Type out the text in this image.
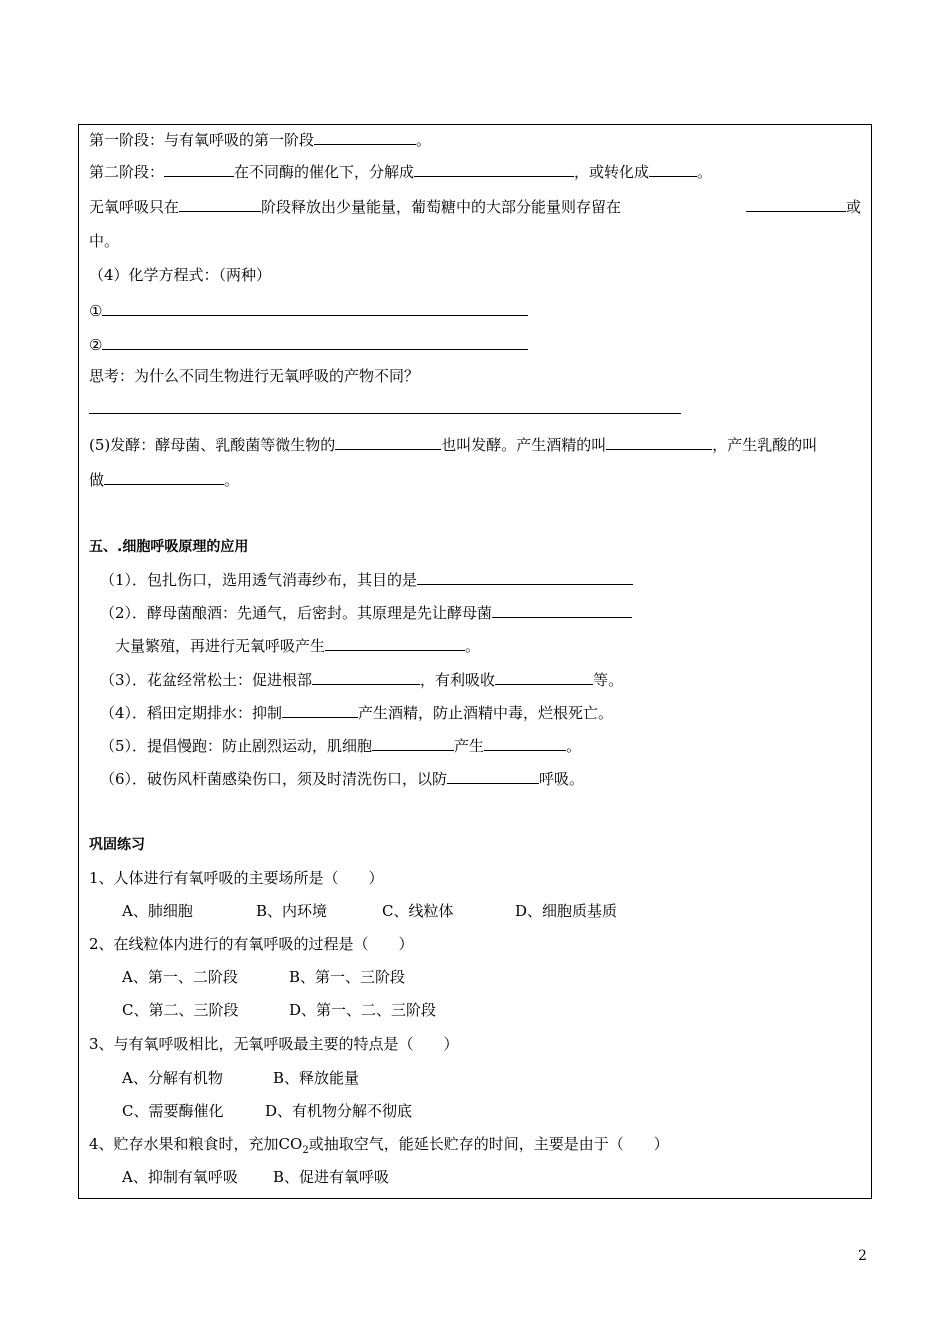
第一阶段：与有氧呼吸的第一阶段	。
第二阶段：	在不同酶的催化下，分解成	，或转化成	。
无氧呼吸只在	阶段释放出少量能量，葡萄糖中的大部分能量则存留在	或
中。
（4）化学方程式：（两种）
①
②
思考：为什么不同生物进行无氧呼吸的产物不同？
(5)发酵：酵母菌、乳酸菌等微生物的	也叫发酵。产生酒精的叫	，产生乳酸的叫
做	。
五、.细胞呼吸原理的应用
（1）．包扎伤口，选用透气消毒纱布，其目的是
（2）．酵母菌酿酒：先通气，后密封。其原理是先让酵母菌
大量繁殖，再进行无氧呼吸产生	。
（3）．花盆经常松土：促进根部	，有利吸收	等。
（4）．稻田定期排水：抑制	产生酒精，防止酒精中毒，烂根死亡。
（5）．提倡慢跑：防止剧烈运动，肌细胞	产生	。
（6）．破伤风杆菌感染伤口，须及时清洗伤口，以防	呼吸。
巩固练习
1、人体进行有氧呼吸的主要场所是（　　）
A、肺细胞	B、内环境	C、线粒体	D、细胞质基质
2、在线粒体内进行的有氧呼吸的过程是（　　）
A、第一、二阶段	B、第一、三阶段
C、第二、三阶段	D、第一、二、三阶段
3、与有氧呼吸相比，无氧呼吸最主要的特点是（　　）
A、分解有机物	B、释放能量
C、需要酶催化	D、有机物分解不彻底
4、贮存水果和粮食时，充加$CO_2$或抽取空气，能延长贮存的时间，主要是由于（　　）
A、抑制有氧呼吸 B、促进有氧呼吸
2
